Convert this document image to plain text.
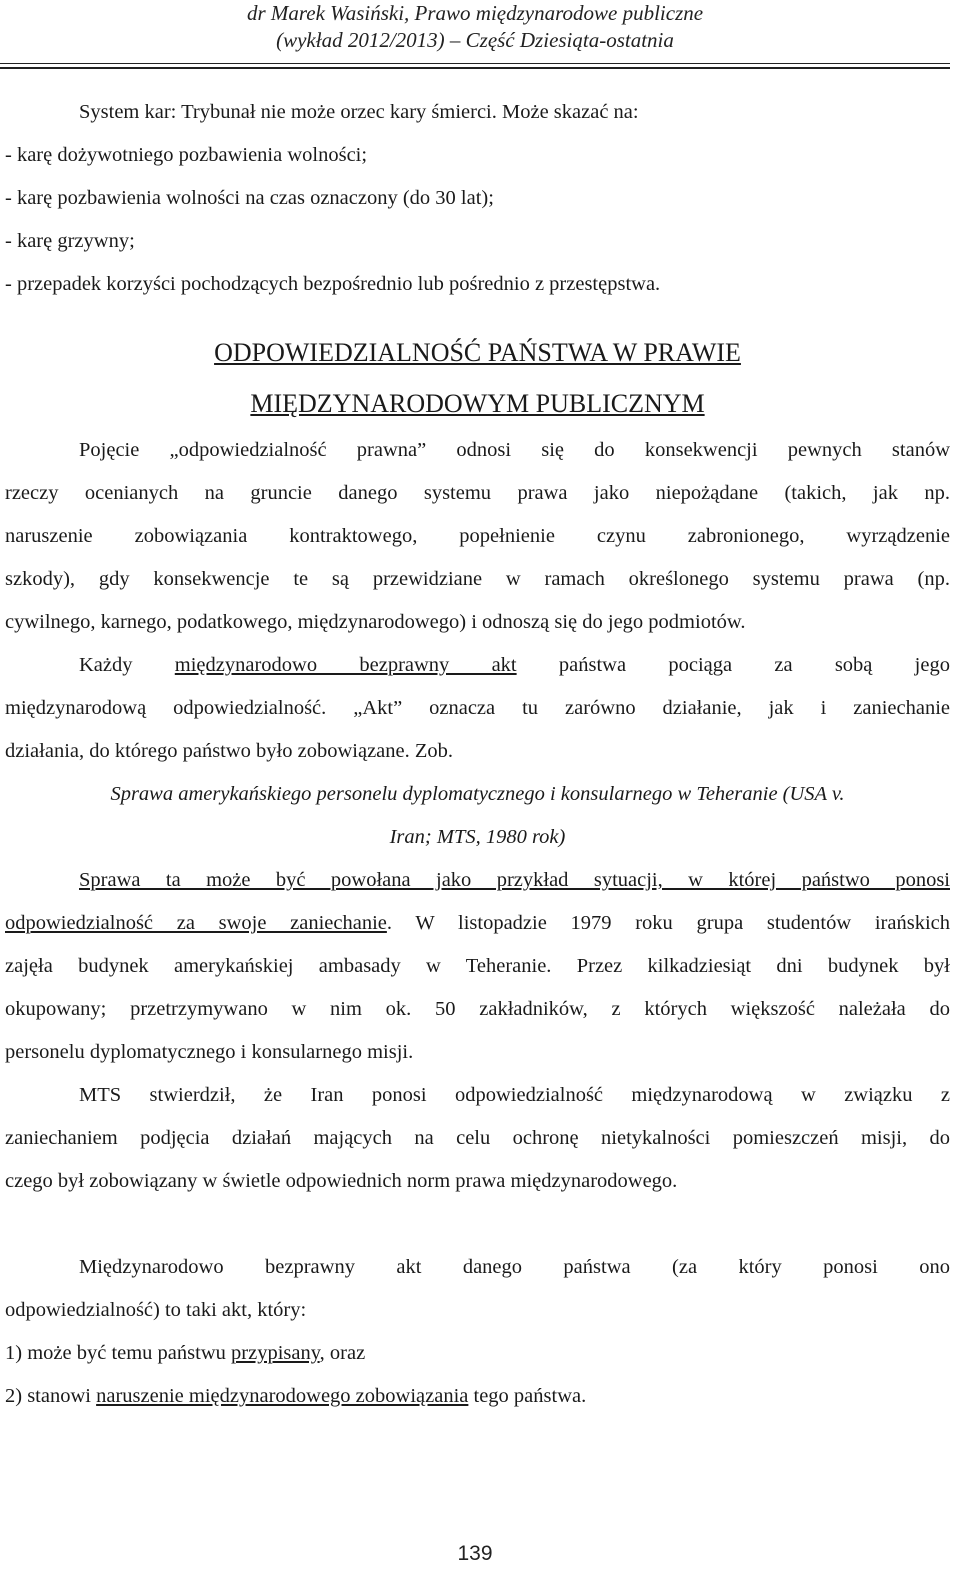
dr Marek Wasiński, Prawo międzynarodowe publiczne
(wykład 2012/2013) – Część Dziesiąta-ostatnia

System kar: Trybunał nie może orzec kary śmierci. Może skazać na:

- karę dożywotniego pozbawienia wolności;

- karę pozbawienia wolności na czas oznaczony (do 30 lat);

- karę grzywny;

- przepadek korzyści pochodzących bezpośrednio lub pośrednio z przestępstwa.

ODPOWIEDZIALNOŚĆ PAŃSTWA W PRAWIE

MIĘDZYNARODOWYM PUBLICZNYM

Pojęcie „odpowiedzialność prawna” odnosi się do konsekwencji pewnych stanów

rzeczy ocenianych na gruncie danego systemu prawa jako niepożądane (takich, jak np.

naruszenie zobowiązania kontraktowego, popełnienie czynu zabronionego, wyrządzenie

szkody), gdy konsekwencje te są przewidziane w ramach określonego systemu prawa (np.

cywilnego, karnego, podatkowego, międzynarodowego) i odnoszą się do jego podmiotów.

Każdy międzynarodowo bezprawny akt państwa pociąga za sobą jego

międzynarodową odpowiedzialność. „Akt” oznacza tu zarówno działanie, jak i zaniechanie

działania, do którego państwo było zobowiązane. Zob.

Sprawa amerykańskiego personelu dyplomatycznego i konsularnego w Teheranie (USA v.

Iran; MTS, 1980 rok)

Sprawa ta może być powołana jako przykład sytuacji, w której państwo ponosi

odpowiedzialność za swoje zaniechanie. W listopadzie 1979 roku grupa studentów irańskich

zajęła budynek amerykańskiej ambasady w Teheranie. Przez kilkadziesiąt dni budynek był

okupowany; przetrzymywano w nim ok. 50 zakładników, z których większość należała do

personelu dyplomatycznego i konsularnego misji.

MTS stwierdził, że Iran ponosi odpowiedzialność międzynarodową w związku z

zaniechaniem podjęcia działań mających na celu ochronę nietykalności pomieszczeń misji, do

czego był zobowiązany w świetle odpowiednich norm prawa międzynarodowego.

Międzynarodowo bezprawny akt danego państwa (za który ponosi ono

odpowiedzialność) to taki akt, który:

1) może być temu państwu przypisany, oraz

2) stanowi naruszenie międzynarodowego zobowiązania tego państwa.

139
